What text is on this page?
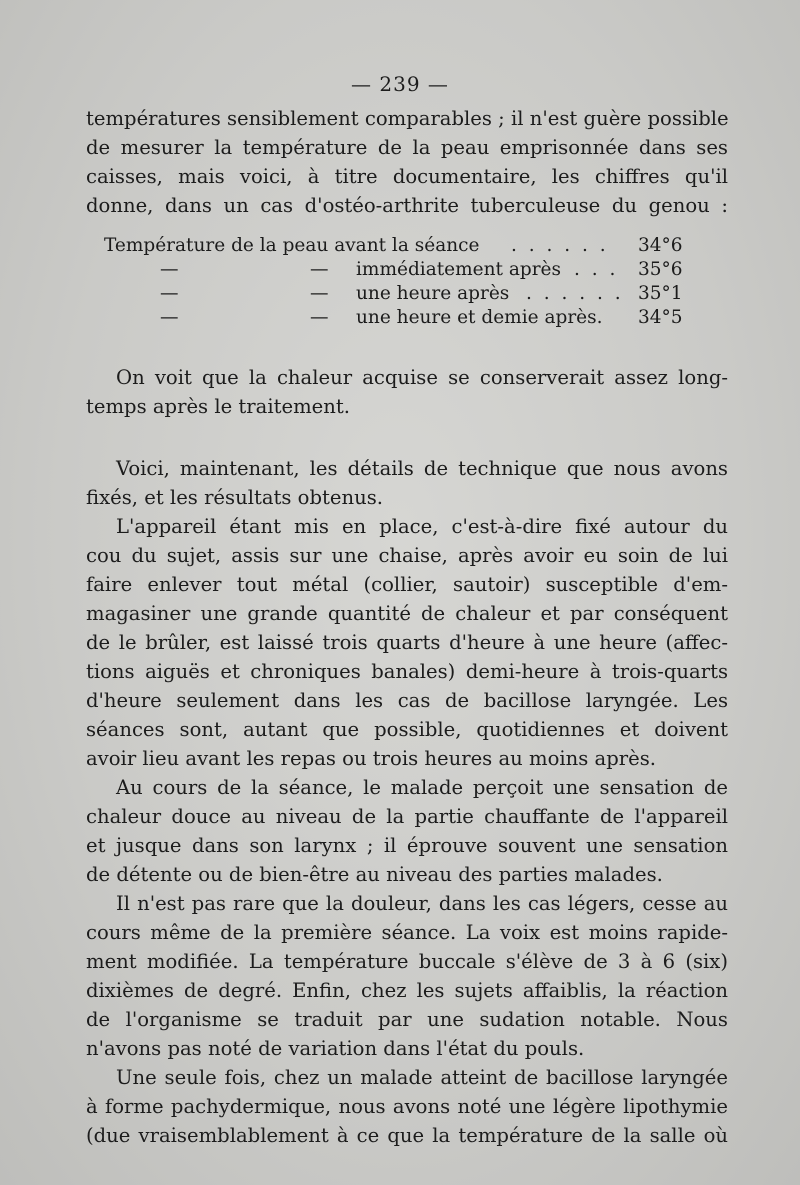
— 239 —
températures sensiblement comparables ; il n'est guère possible
de mesurer la température de la peau emprisonnée dans ses
caisses, mais voici, à titre documentaire, les chiffres qu'il
donne, dans un cas d'ostéo-arthrite tuberculeuse du genou :
Température de la peau avant la séance . . . . . . 34°6
—	— immédiatement après . . . 35°6
—	— une heure après . . . . . . 35°1
—	— une heure et demie après. 34°5
On voit que la chaleur acquise se conserverait assez long-
temps après le traitement.
Voici, maintenant, les détails de technique que nous avons
fixés, et les résultats obtenus.
L'appareil étant mis en place, c'est-à-dire fixé autour du
cou du sujet, assis sur une chaise, après avoir eu soin de lui
faire enlever tout métal (collier, sautoir) susceptible d'em-
magasiner une grande quantité de chaleur et par conséquent
de le brûler, est laissé trois quarts d'heure à une heure (affec-
tions aiguës et chroniques banales) demi-heure à trois-quarts
d'heure seulement dans les cas de bacillose laryngée. Les
séances sont, autant que possible, quotidiennes et doivent
avoir lieu avant les repas ou trois heures au moins après.
Au cours de la séance, le malade perçoit une sensation de
chaleur douce au niveau de la partie chauffante de l'appareil
et jusque dans son larynx ; il éprouve souvent une sensation
de détente ou de bien-être au niveau des parties malades.
Il n'est pas rare que la douleur, dans les cas légers, cesse au
cours même de la première séance. La voix est moins rapide-
ment modifiée. La température buccale s'élève de 3 à 6 (six)
dixièmes de degré. Enfin, chez les sujets affaiblis, la réaction
de l'organisme se traduit par une sudation notable. Nous
n'avons pas noté de variation dans l'état du pouls.
Une seule fois, chez un malade atteint de bacillose laryngée
à forme pachydermique, nous avons noté une légère lipothymie
(due vraisemblablement à ce que la température de la salle où
